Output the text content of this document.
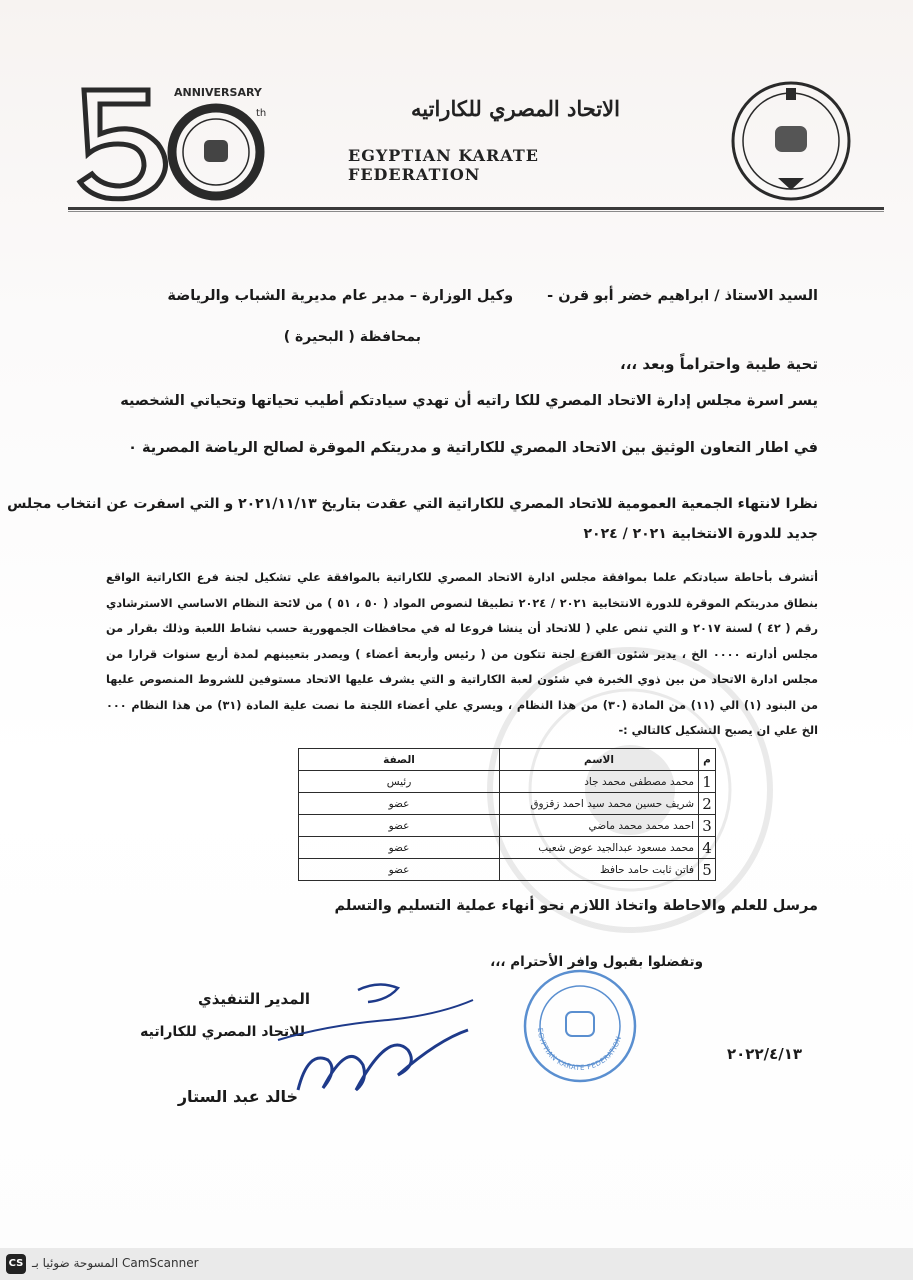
ANNIVERSARY
th	الاتحاد المصري للكاراتيه
EGYPTIAN KARATE FEDERATION
السيد الاستاذ / ابراهيم خضر أبو قرن -وكيل الوزارة – مدير عام مديرية الشباب والرياضة
بمحافظة ( البحيرة )
تحية طيبة واحتراماً وبعد ،،،
يسر اسرة مجلس إدارة الاتحاد المصري للكا راتيه أن تهدي سيادتكم أطيب تحياتها وتحياتي الشخصيه
في اطار التعاون الوثيق بين الاتحاد المصري للكاراتية و مدريتكم الموقرة لصالح الرياضة المصرية ٠
نظرا لانتهاء الجمعية العمومية للاتحاد المصري للكاراتية التي عقدت بتاريخ ٢٠٢١/١١/١٣ و التي اسفرت عن انتخاب مجلس
جديد للدورة الانتخابية ٢٠٢١ / ٢٠٢٤
أتشرف بأحاطة سيادتكم علما بموافقة مجلس ادارة الاتحاد المصري للكاراتية بالموافقة علي تشكيل لجنة فرع الكاراتية الواقع بنطاق مدريتكم الموقرة للدورة الانتخابية ٢٠٢١ / ٢٠٢٤ تطبيقا لنصوص المواد ( ٥٠ ، ٥١ ) من لائحة النظام الاساسي الاسترشادي رقم ( ٤٢ ) لسنة ٢٠١٧ و التي تنص علي ( للاتحاد أن ينشا فروعا له في محافظات الجمهورية حسب نشاط اللعبة وذلك بقرار من مجلس أدارته ٠٠٠٠ الخ ، يدير شئون الفرع لجنة تتكون من ( رئيس وأربعة أعضاء ) ويصدر بتعيينهم لمدة أربع سنوات قرارا من مجلس ادارة الاتحاد من بين ذوي الخبرة في شئون لعبة الكاراتية و التي يشرف عليها الاتحاد مستوفين للشروط المنصوص عليها من البنود (١) الي (١١) من المادة (٣٠) من هذا النظام ، ويسري علي أعضاء اللجنة ما نصت علية المادة (٣١) من هذا النظام ٠٠٠ الخ علي ان يصبح التشكيل كالتالي :-
م	الاسم	الصفة
1	محمد مصطفى محمد جاد	رئيس
2	شريف حسين محمد سيد احمد زقزوق	عضو
3	احمد محمد محمد ماضي	عضو
4	محمد مسعود عبدالجيد عوض شعيب	عضو
5	فاتن ثابت حامد حافظ	عضو
مرسل للعلم والاحاطة واتخاذ اللازم نحو أنهاء عملية التسليم والتسلم
وتفضلوا بقبول وافر الأحترام ،،،
EGYPTIAN KARATE FEDERATION
المدير التنفيذي
للاتحاد المصري للكاراتيه
خالد عبد الستار
٢٠٢٢/٤/١٣
CS المسوحة ضوئيا بـ CamScanner
